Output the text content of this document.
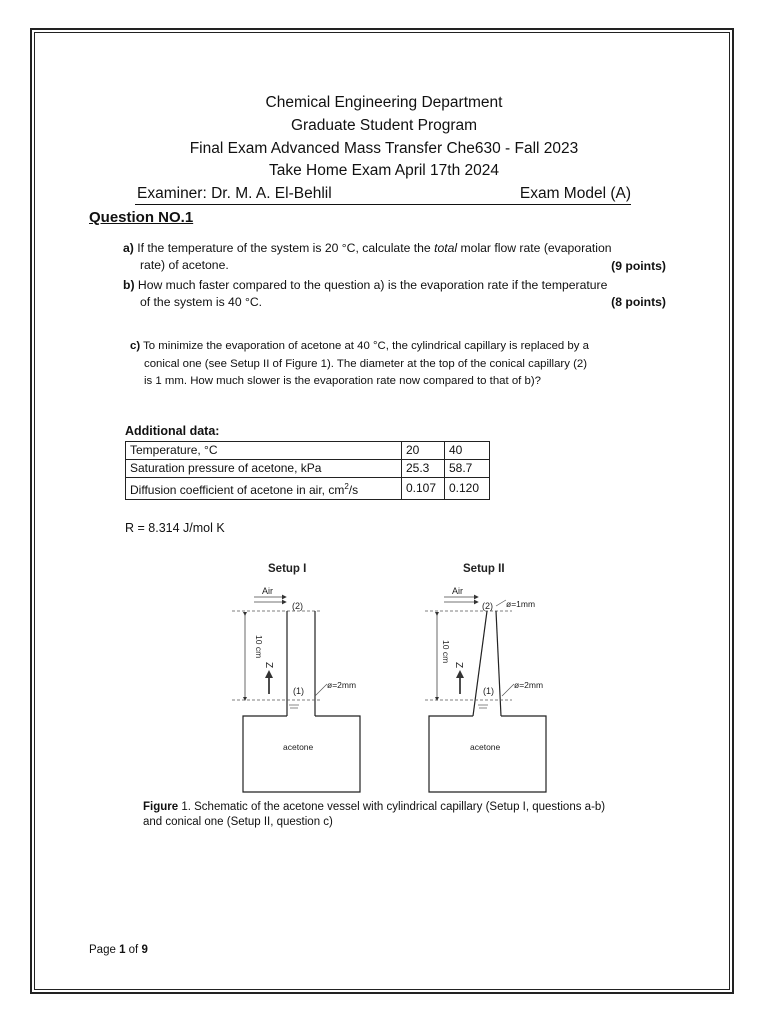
Chemical Engineering Department
Graduate Student Program
Final Exam Advanced Mass Transfer Che630 - Fall 2023
Take Home Exam April 17th 2024
Examiner: Dr. M. A. El-Behlil	Exam Model (A)
Question NO.1
a) If the temperature of the system is 20 °C, calculate the total molar flow rate (evaporation
rate) of acetone.	(9 points)
b) How much faster compared to the question a) is the evaporation rate if the temperature
of the system is 40 °C.	(8 points)
c) To minimize the evaporation of acetone at 40 °C, the cylindrical capillary is replaced by a
conical one (see Setup II of Figure 1). The diameter at the top of the conical capillary (2)
is 1 mm. How much slower is the evaporation rate now compared to that of b)?
Additional data:
Temperature, °C	20	40
Saturation pressure of acetone, kPa	25.3	58.7
Diffusion coefficient of acetone in air, $cm^2/s$	0.107	0.120
R = 8.314 J/mol K
Setup I
Air
(2)
10 cm
Z
(1)
ø=2mm
acetone
Setup II
Air
(2) ø=1mm
10 cm
Z
(1)
ø=2mm
acetone
Figure 1. Schematic of the acetone vessel with cylindrical capillary (Setup I, questions a-b)
and conical one (Setup II, question c)
Page 1 of 9
